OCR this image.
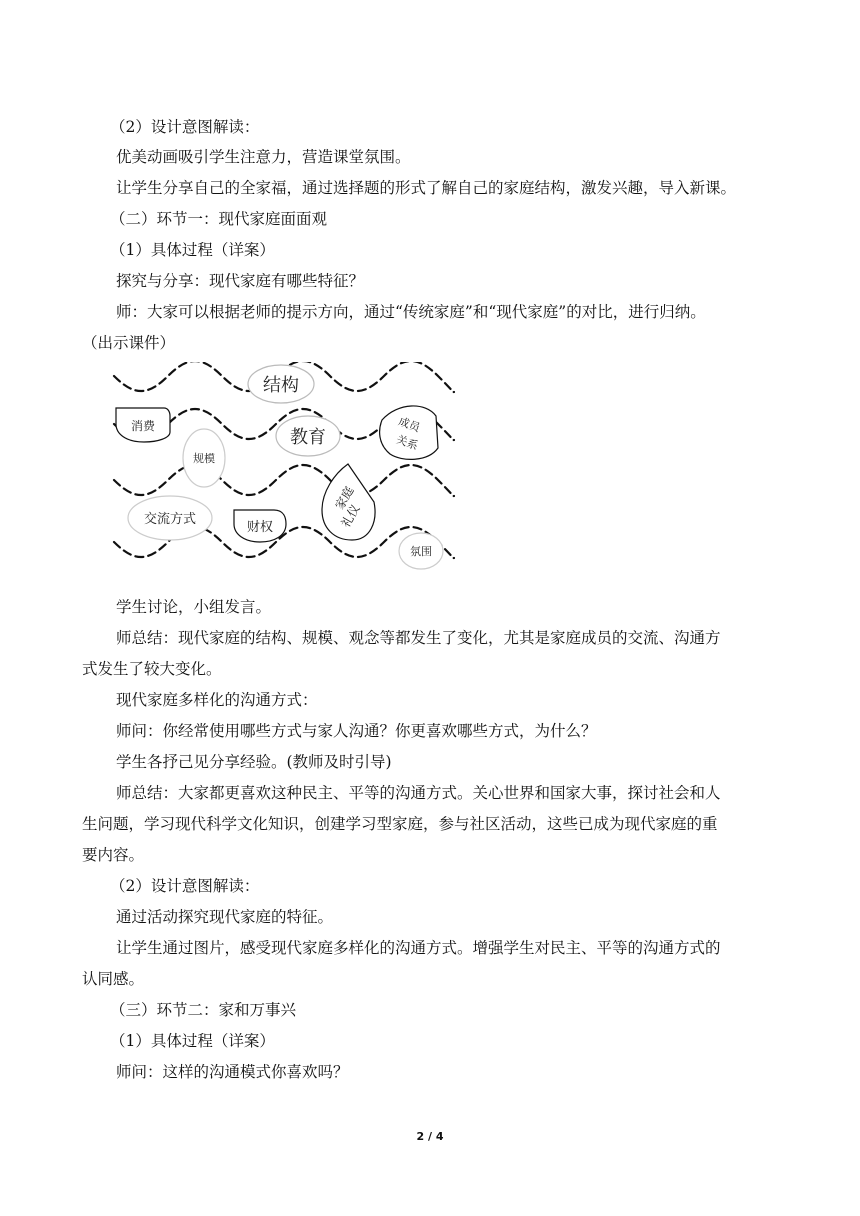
（2）设计意图解读：
优美动画吸引学生注意力，营造课堂氛围。
让学生分享自己的全家福，通过选择题的形式了解自己的家庭结构，激发兴趣，导入新课。
（二）环节一：现代家庭面面观
（1）具体过程（详案）
探究与分享：现代家庭有哪些特征？
师：大家可以根据老师的提示方向，通过“传统家庭”和“现代家庭”的对比，进行归纳。
（出示课件）
结构
消费
教育
成员
关系
规模
交流方式
财权
家庭
礼仪
氛围
学生讨论，小组发言。
师总结：现代家庭的结构、规模、观念等都发生了变化，尤其是家庭成员的交流、沟通方
式发生了较大变化。
现代家庭多样化的沟通方式：
师问：你经常使用哪些方式与家人沟通？你更喜欢哪些方式，为什么？
学生各抒己见分享经验。(教师及时引导)
师总结：大家都更喜欢这种民主、平等的沟通方式。关心世界和国家大事，探讨社会和人
生问题，学习现代科学文化知识，创建学习型家庭，参与社区活动，这些已成为现代家庭的重
要内容。
（2）设计意图解读：
通过活动探究现代家庭的特征。
让学生通过图片，感受现代家庭多样化的沟通方式。增强学生对民主、平等的沟通方式的
认同感。
（三）环节二：家和万事兴
（1）具体过程（详案）
师问：这样的沟通模式你喜欢吗？
2 / 4
